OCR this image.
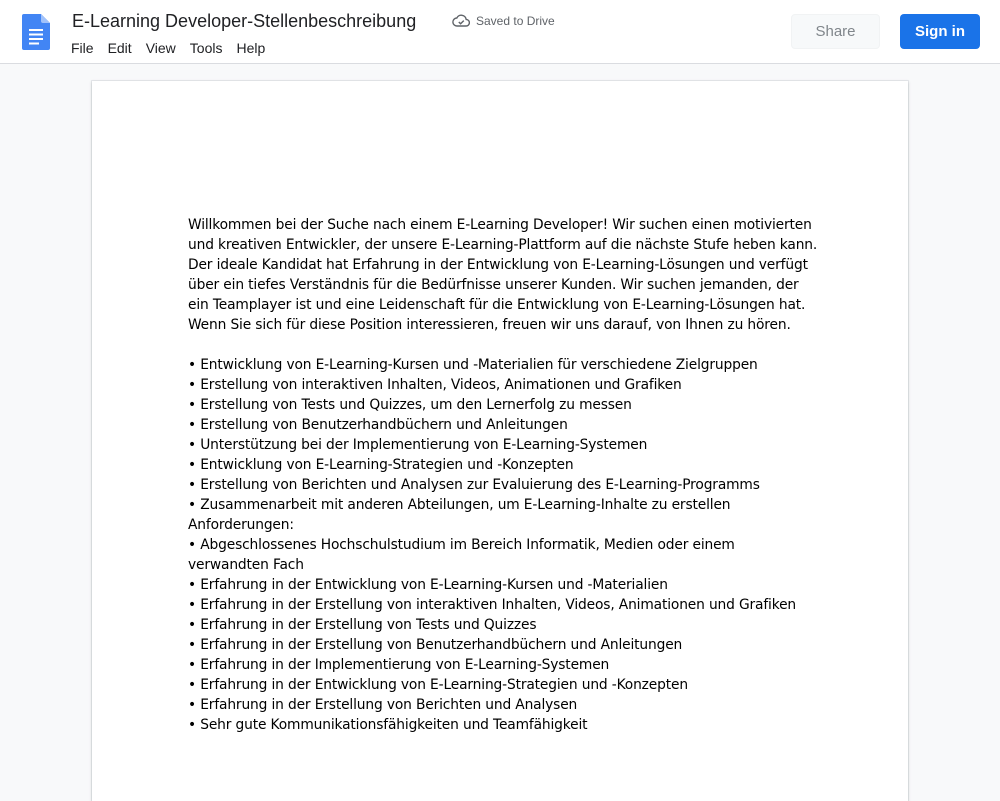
E-Learning Developer-Stellenbeschreibung	Saved to Drive
File	Edit	View	Tools	Help
Share	Sign in

Willkommen bei der Suche nach einem E-Learning Developer! Wir suchen einen motivierten und kreativen Entwickler, der unsere E-Learning-Plattform auf die nächste Stufe heben kann. Der ideale Kandidat hat Erfahrung in der Entwicklung von E-Learning-Lösungen und verfügt über ein tiefes Verständnis für die Bedürfnisse unserer Kunden. Wir suchen jemanden, der ein Teamplayer ist und eine Leidenschaft für die Entwicklung von E-Learning-Lösungen hat. Wenn Sie sich für diese Position interessieren, freuen wir uns darauf, von Ihnen zu hören.

• Entwicklung von E-Learning-Kursen und -Materialien für verschiedene Zielgruppen

• Erstellung von interaktiven Inhalten, Videos, Animationen und Grafiken

• Erstellung von Tests und Quizzes, um den Lernerfolg zu messen

• Erstellung von Benutzerhandbüchern und Anleitungen

• Unterstützung bei der Implementierung von E-Learning-Systemen

• Entwicklung von E-Learning-Strategien und -Konzepten

• Erstellung von Berichten und Analysen zur Evaluierung des E-Learning-Programms

• Zusammenarbeit mit anderen Abteilungen, um E-Learning-Inhalte zu erstellen

Anforderungen:

• Abgeschlossenes Hochschulstudium im Bereich Informatik, Medien oder einem verwandten Fach

• Erfahrung in der Entwicklung von E-Learning-Kursen und -Materialien

• Erfahrung in der Erstellung von interaktiven Inhalten, Videos, Animationen und Grafiken

• Erfahrung in der Erstellung von Tests und Quizzes

• Erfahrung in der Erstellung von Benutzerhandbüchern und Anleitungen

• Erfahrung in der Implementierung von E-Learning-Systemen

• Erfahrung in der Entwicklung von E-Learning-Strategien und -Konzepten

• Erfahrung in der Erstellung von Berichten und Analysen

• Sehr gute Kommunikationsfähigkeiten und Teamfähigkeit
